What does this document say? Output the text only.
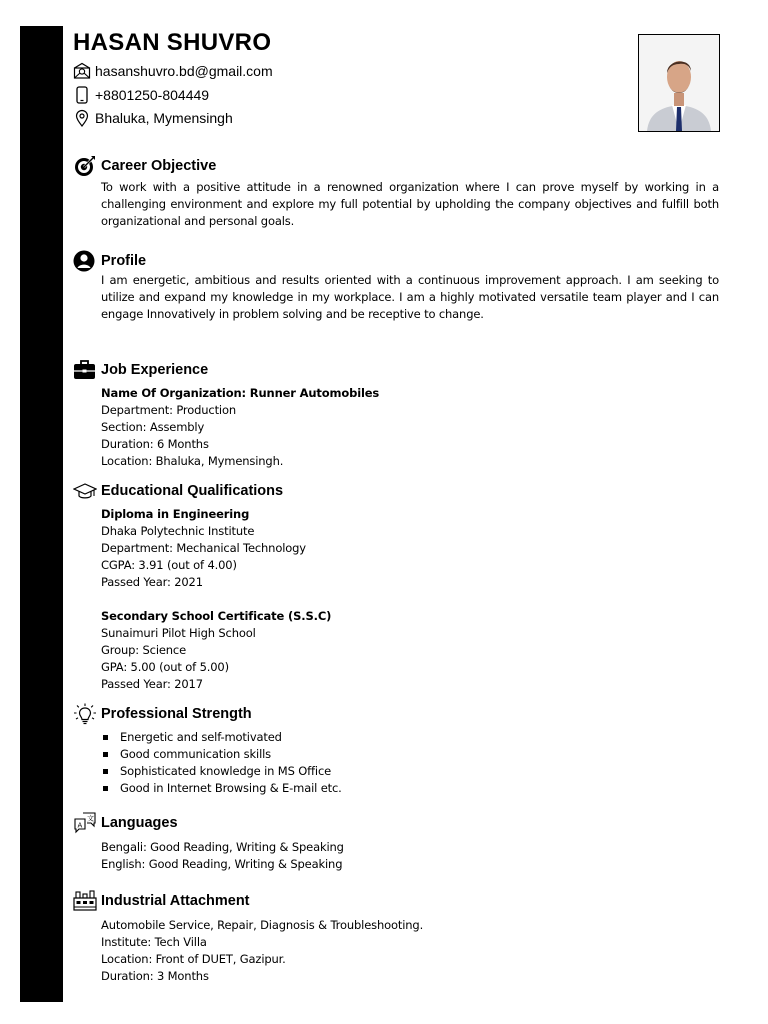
HASAN SHUVRO
hasanshuvro.bd@gmail.com
+8801250-804449
Bhaluka, Mymensingh
Career Objective
To work with a positive attitude in a renowned organization where I can prove myself by working in a challenging environment and explore my full potential by upholding the company objectives and fulfill both organizational and personal goals.
Profile
I am energetic, ambitious and results oriented with a continuous improvement approach. I am seeking to utilize and expand my knowledge in my workplace. I am a highly motivated versatile team player and I can engage Innovatively in problem solving and be receptive to change.
Job Experience
Name Of Organization: Runner Automobiles
Department: Production
Section: Assembly
Duration: 6 Months
Location: Bhaluka, Mymensingh.
Educational Qualifications
Diploma in Engineering
Dhaka Polytechnic Institute
Department: Mechanical Technology
CGPA: 3.91 (out of 4.00)
Passed Year: 2021
Secondary School Certificate (S.S.C)
Sunaimuri Pilot High School
Group: Science
GPA: 5.00 (out of 5.00)
Passed Year: 2017
Professional Strength
Energetic and self-motivated
Good communication skills
Sophisticated knowledge in MS Office
Good in Internet Browsing & E-mail etc.
A
文 Languages
Bengali: Good Reading, Writing & Speaking
English: Good Reading, Writing & Speaking
Industrial Attachment
Automobile Service, Repair, Diagnosis & Troubleshooting.
Institute: Tech Villa
Location: Front of DUET, Gazipur.
Duration: 3 Months
